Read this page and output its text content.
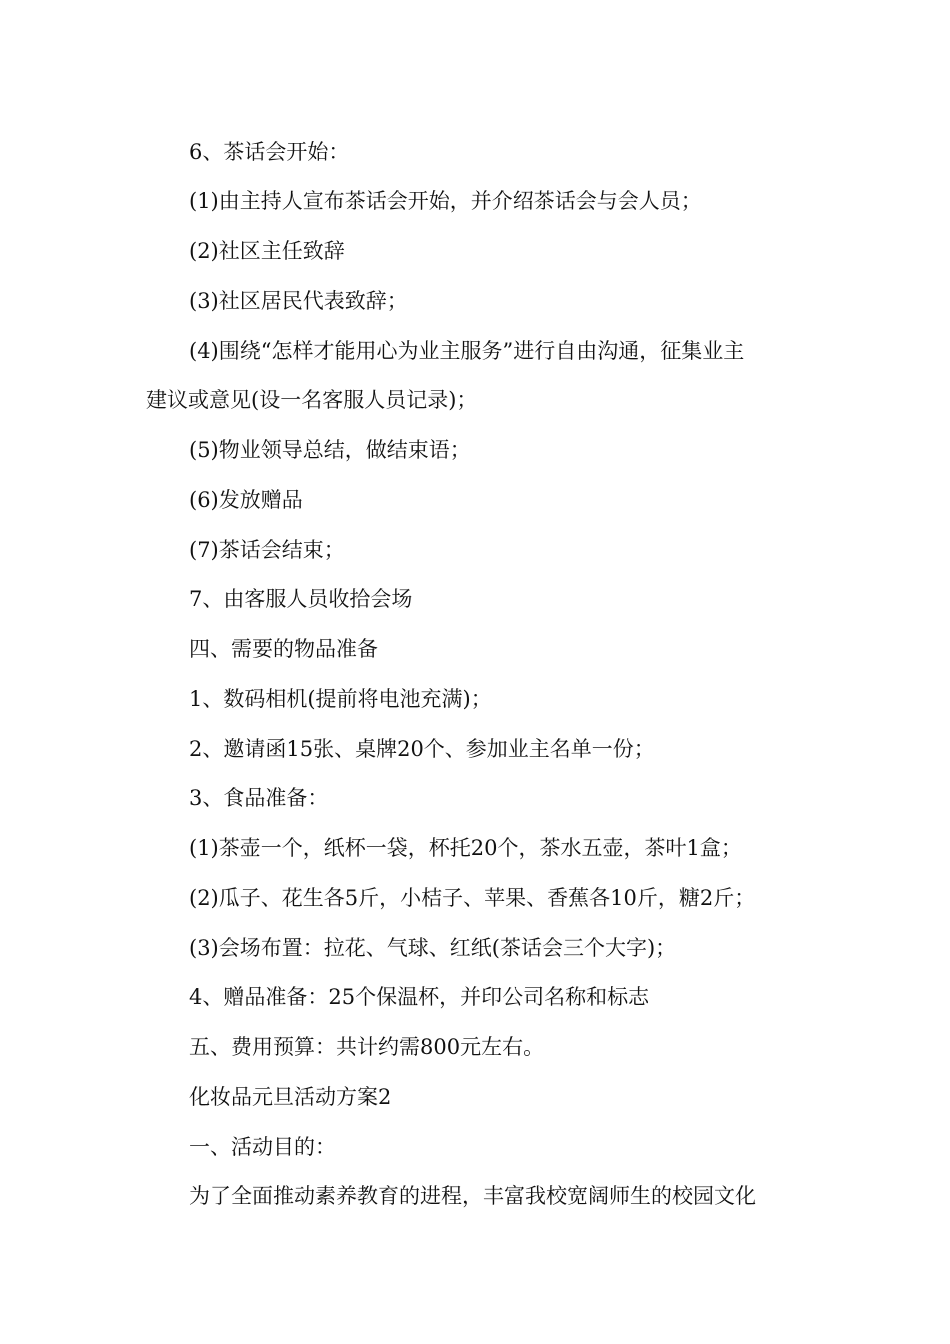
6、茶话会开始：
(1)由主持人宣布茶话会开始，并介绍茶话会与会人员；
(2)社区主任致辞
(3)社区居民代表致辞；
(4)围绕“怎样才能用心为业主服务”进行自由沟通，征集业主
建议或意见(设一名客服人员记录)；
(5)物业领导总结，做结束语；
(6)发放赠品
(7)茶话会结束；
7、由客服人员收拾会场
四、需要的物品准备
1、数码相机(提前将电池充满)；
2、邀请函15张、桌牌20个、参加业主名单一份；
3、食品准备：
(1)茶壶一个，纸杯一袋，杯托20个，茶水五壶，茶叶1盒；
(2)瓜子、花生各5斤，小桔子、苹果、香蕉各10斤，糖2斤；
(3)会场布置：拉花、气球、红纸(茶话会三个大字)；
4、赠品准备：25个保温杯，并印公司名称和标志
五、费用预算：共计约需800元左右。
化妆品元旦活动方案2
一、活动目的：
为了全面推动素养教育的进程，丰富我校宽阔师生的校园文化
